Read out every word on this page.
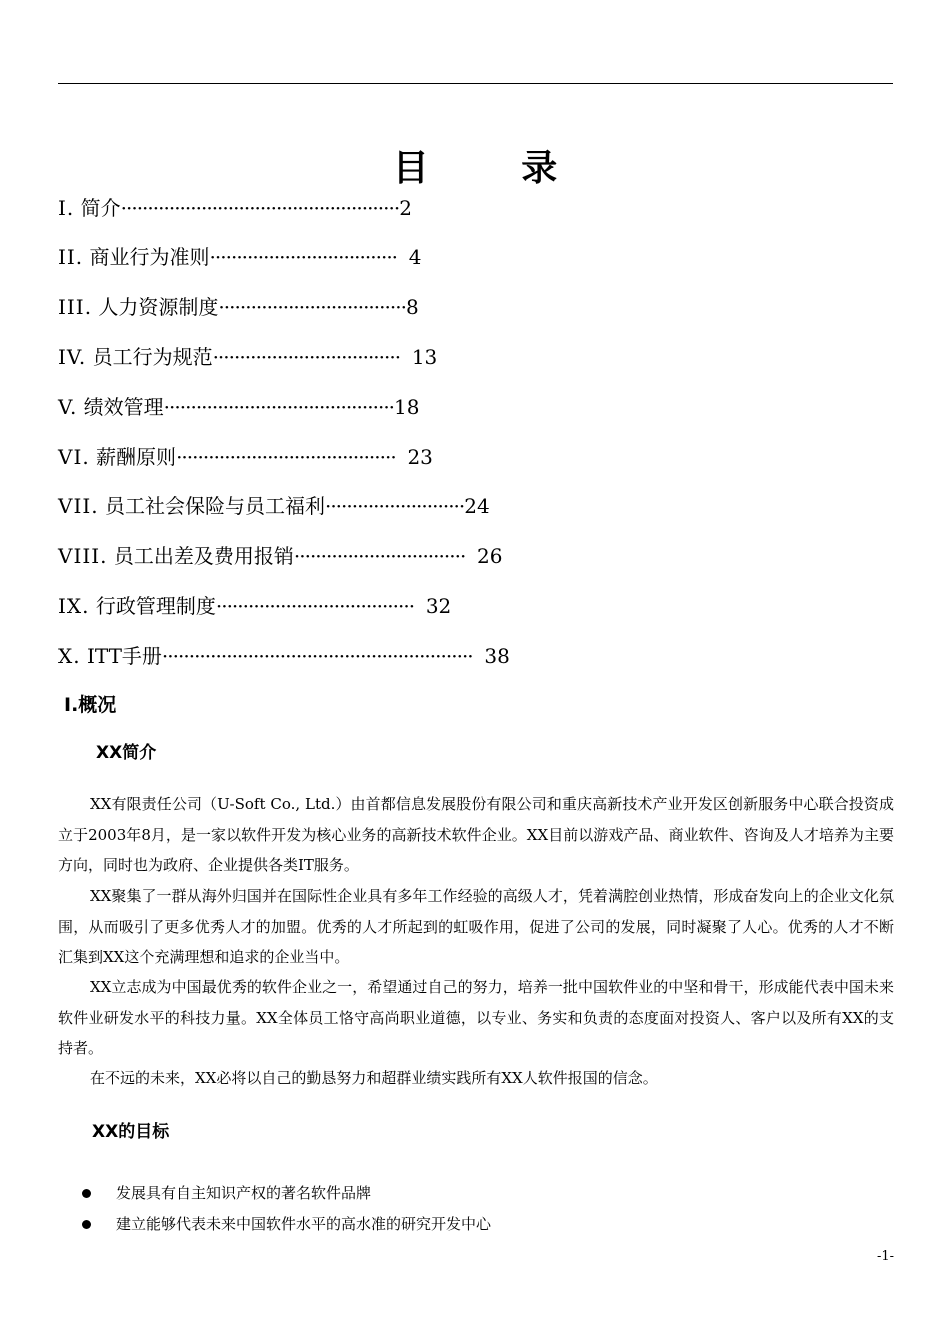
目 录
I. 简介····················································2
II. 商业行为准则···································  4
III. 人力资源制度···································8
IV. 员工行为规范···································  13
V. 绩效管理···········································18
VI. 薪酬原则·········································  23
VII. 员工社会保险与员工福利··························24
VIII. 员工出差及费用报销································  26
IX. 行政管理制度·····································  32
X. ITT手册··························································  38
I.概况
XX简介

XX有限责任公司（U-Soft Co., Ltd.）由首都信息发展股份有限公司和重庆高新技术产业开发区创新服务中心联合投资成立于2003年8月，是一家以软件开发为核心业务的高新技术软件企业。XX目前以游戏产品、商业软件、咨询及人才培养为主要方向，同时也为政府、企业提供各类IT服务。

XX聚集了一群从海外归国并在国际性企业具有多年工作经验的高级人才，凭着满腔创业热情，形成奋发向上的企业文化氛围，从而吸引了更多优秀人才的加盟。优秀的人才所起到的虹吸作用，促进了公司的发展，同时凝聚了人心。优秀的人才不断汇集到XX这个充满理想和追求的企业当中。

XX立志成为中国最优秀的软件企业之一，希望通过自己的努力，培养一批中国软件业的中坚和骨干，形成能代表中国未来软件业研发水平的科技力量。XX全体员工恪守高尚职业道德，以专业、务实和负责的态度面对投资人、客户以及所有XX的支持者。

在不远的未来，XX必将以自己的勤恳努力和超群业绩实践所有XX人软件报国的信念。

XX的目标
发展具有自主知识产权的著名软件品牌
建立能够代表未来中国软件水平的高水准的研究开发中心
-1-
